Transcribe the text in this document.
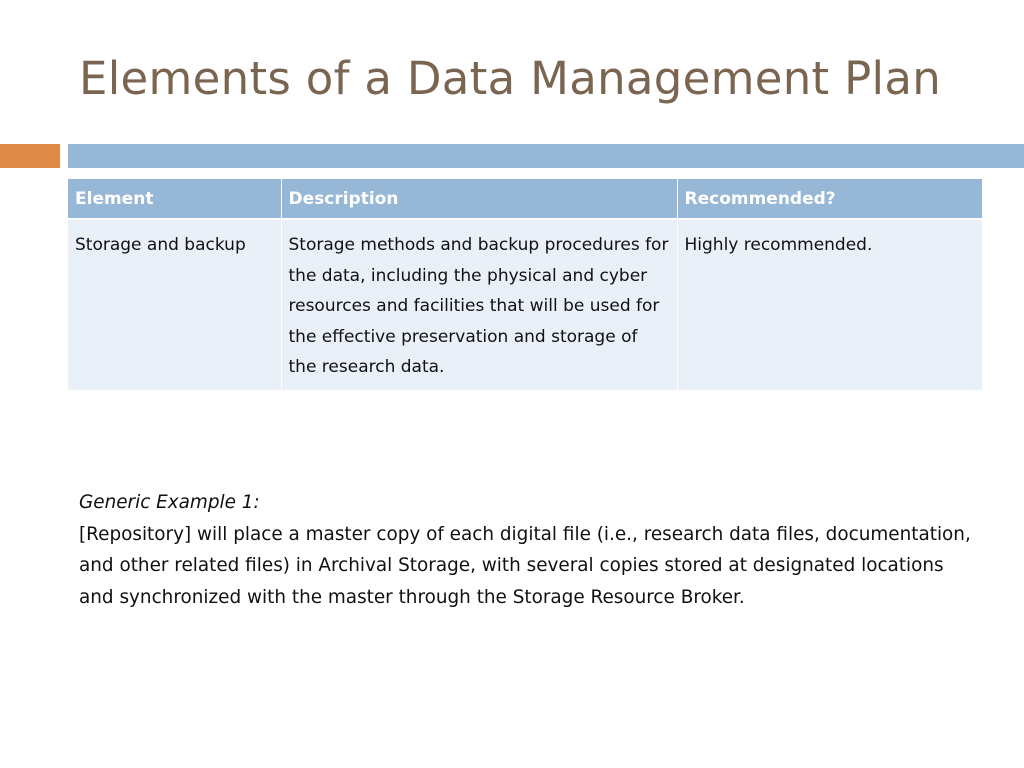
Elements of a Data Management Plan
Element	Description	Recommended?
Storage and backup	Storage methods and backup procedures for the data, including the physical and cyber resources and facilities that will be used for the effective preservation and storage of the research data.	Highly recommended.
Generic Example 1:
[Repository] will place a master copy of each digital file (i.e., research data files, documentation, and other related files) in Archival Storage, with several copies stored at designated locations and synchronized with the master through the Storage Resource Broker.
